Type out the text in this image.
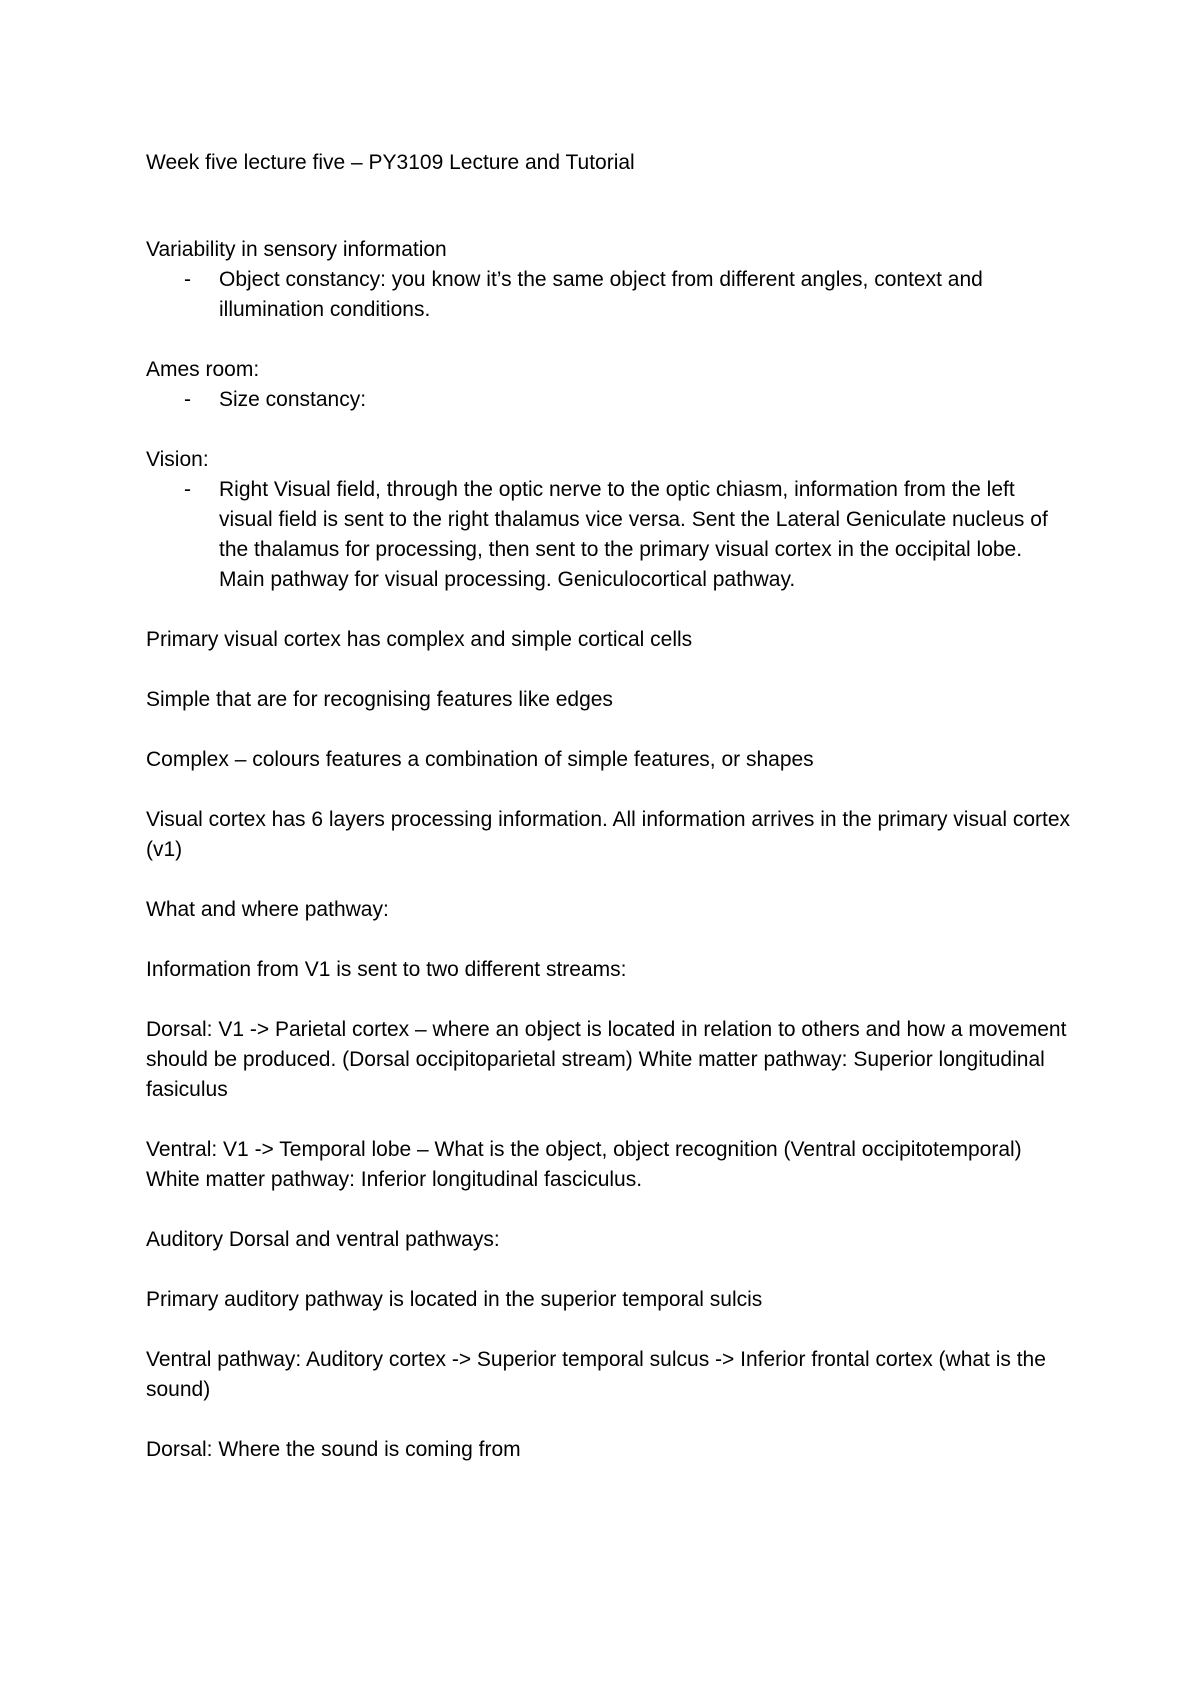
Week five lecture five – PY3109 Lecture and Tutorial
Variability in sensory information
- Object constancy: you know it’s the same object from different angles, context and illumination conditions.
Ames room:
- Size constancy:
Vision:
- Right Visual field, through the optic nerve to the optic chiasm, information from the left visual field is sent to the right thalamus vice versa. Sent the Lateral Geniculate nucleus of the thalamus for processing, then sent to the primary visual cortex in the occipital lobe. Main pathway for visual processing. Geniculocortical pathway.
Primary visual cortex has complex and simple cortical cells
Simple that are for recognising features like edges
Complex – colours features a combination of simple features, or shapes
Visual cortex has 6 layers processing information. All information arrives in the primary visual cortex (v1)
What and where pathway:
Information from V1 is sent to two different streams:
Dorsal: V1 -> Parietal cortex – where an object is located in relation to others and how a movement should be produced. (Dorsal occipitoparietal stream) White matter pathway: Superior longitudinal fasiculus
Ventral: V1 -> Temporal lobe – What is the object, object recognition (Ventral occipitotemporal) White matter pathway: Inferior longitudinal fasciculus.
Auditory Dorsal and ventral pathways:
Primary auditory pathway is located in the superior temporal sulcis
Ventral pathway: Auditory cortex -> Superior temporal sulcus -> Inferior frontal cortex (what is the sound)
Dorsal: Where the sound is coming from
